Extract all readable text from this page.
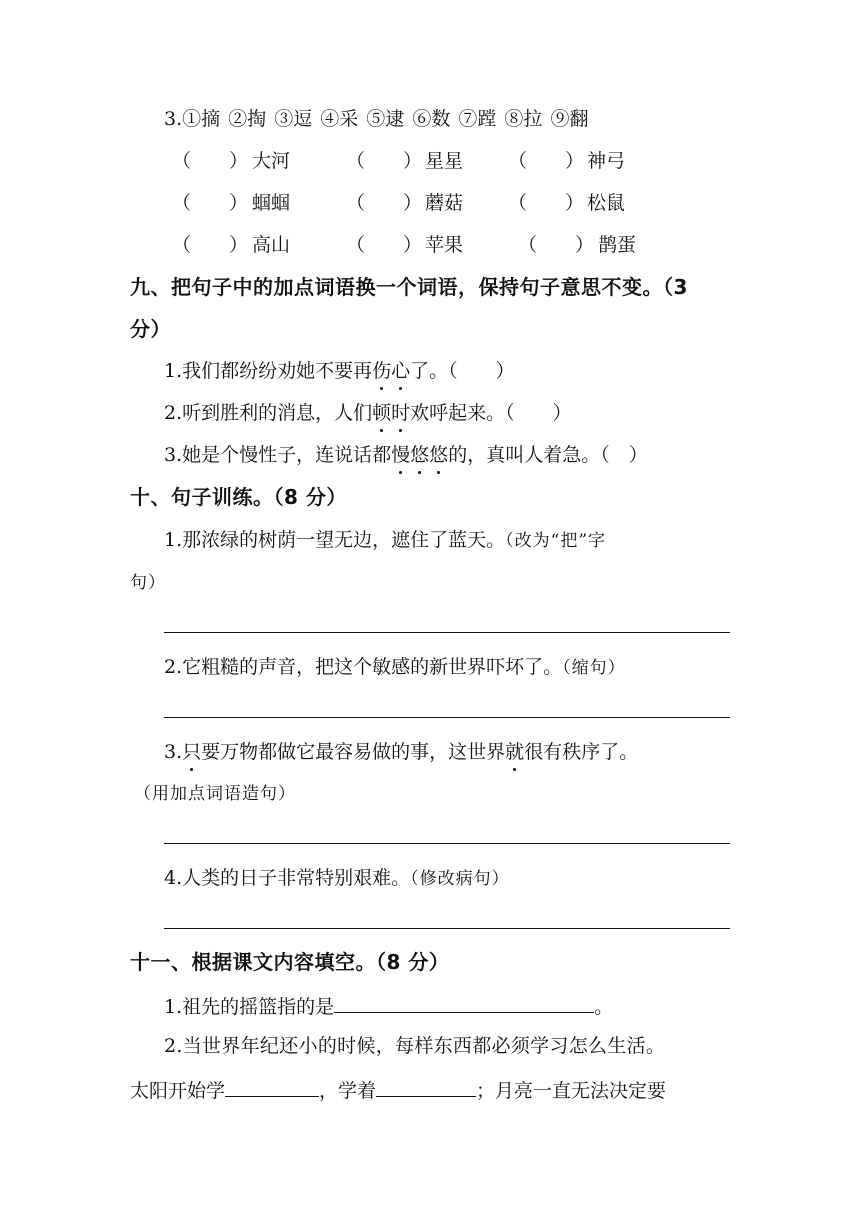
3.①摘 ②掏 ③逗 ④采 ⑤逮 ⑥数 ⑦蹚 ⑧拉 ⑨翻
（　　） 大河	（　　） 星星 （　　） 神弓
（　　） 蝈蝈	（　　） 蘑菇 （　　） 松鼠
（　　） 高山	（　　） 苹果	（　　） 鹊蛋
九、把句子中的加点词语换一个词语，保持句子意思不变。（3
分）
1.我们都纷纷劝她不要再伤心了。（　　）
2.听到胜利的消息，人们顿时欢呼起来。（　　）
3.她是个慢性子，连说话都慢悠悠的，真叫人着急。（　）
十、句子训练。（8 分）
1.那浓绿的树荫一望无边，遮住了蓝天。（改为“把”字
句）
2.它粗糙的声音，把这个敏感的新世界吓坏了。（缩句）
3.只要万物都做它最容易做的事，这世界就很有秩序了。
（用加点词语造句）
4.人类的日子非常特别艰难。（修改病句）
十一、根据课文内容填空。（8 分）
1.祖先的摇篮指的是	。
2.当世界年纪还小的时候，每样东西都必须学习怎么生活。
太阳开始学	，学着	；月亮一直无法决定要
